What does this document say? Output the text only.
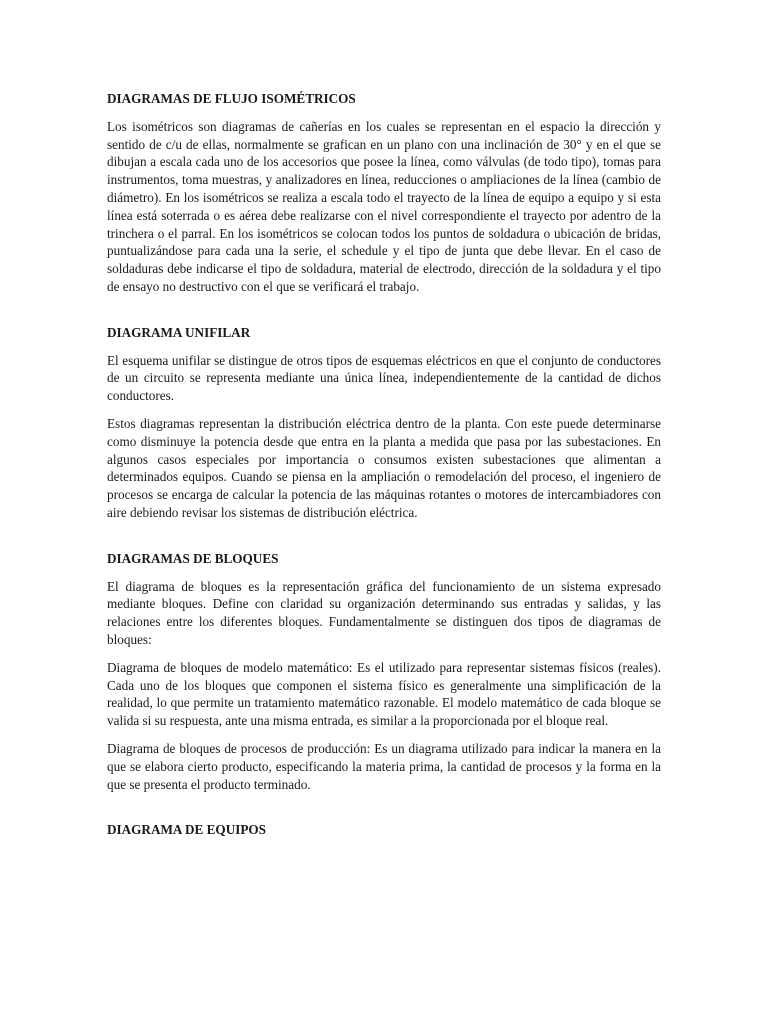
DIAGRAMAS DE FLUJO ISOMÉTRICOS

Los isométricos son diagramas de cañerías en los cuales se representan en el espacio la dirección y sentido de c/u de ellas, normalmente se grafican en un plano con una inclinación de 30° y en el que se dibujan a escala cada uno de los accesorios que posee la línea, como válvulas (de todo tipo), tomas para instrumentos, toma muestras, y analizadores en línea, reducciones o ampliaciones de la línea (cambio de diámetro). En los isométricos se realiza a escala todo el trayecto de la línea de equipo a equipo y si esta línea está soterrada o es aérea debe realizarse con el nivel correspondiente el trayecto por adentro de la trinchera o el parral. En los isométricos se colocan todos los puntos de soldadura o ubicación de bridas, puntualizándose para cada una la serie, el schedule y el tipo de junta que debe llevar. En el caso de soldaduras debe indicarse el tipo de soldadura, material de electrodo, dirección de la soldadura y el tipo de ensayo no destructivo con el que se verificará el trabajo.

DIAGRAMA UNIFILAR

El esquema unifilar se distingue de otros tipos de esquemas eléctricos en que el conjunto de conductores de un circuito se representa mediante una única línea, independientemente de la cantidad de dichos conductores.

Estos diagramas representan la distribución eléctrica dentro de la planta. Con este puede determinarse como disminuye la potencia desde que entra en la planta a medida que pasa por las subestaciones. En algunos casos especiales por importancia o consumos existen subestaciones que alimentan a determinados equipos. Cuando se piensa en la ampliación o remodelación del proceso, el ingeniero de procesos se encarga de calcular la potencia de las máquinas rotantes o motores de intercambiadores con aire debiendo revisar los sistemas de distribución eléctrica.

DIAGRAMAS DE BLOQUES

El diagrama de bloques es la representación gráfica del funcionamiento de un sistema expresado mediante bloques. Define con claridad su organización determinando sus entradas y salidas, y las relaciones entre los diferentes bloques. Fundamentalmente se distinguen dos tipos de diagramas de bloques:

Diagrama de bloques de modelo matemático: Es el utilizado para representar sistemas físicos (reales). Cada uno de los bloques que componen el sistema físico es generalmente una simplificación de la realidad, lo que permite un tratamiento matemático razonable. El modelo matemático de cada bloque se valida si su respuesta, ante una misma entrada, es similar a la proporcionada por el bloque real.

Diagrama de bloques de procesos de producción: Es un diagrama utilizado para indicar la manera en la que se elabora cierto producto, especificando la materia prima, la cantidad de procesos y la forma en la que se presenta el producto terminado.

DIAGRAMA DE EQUIPOS
